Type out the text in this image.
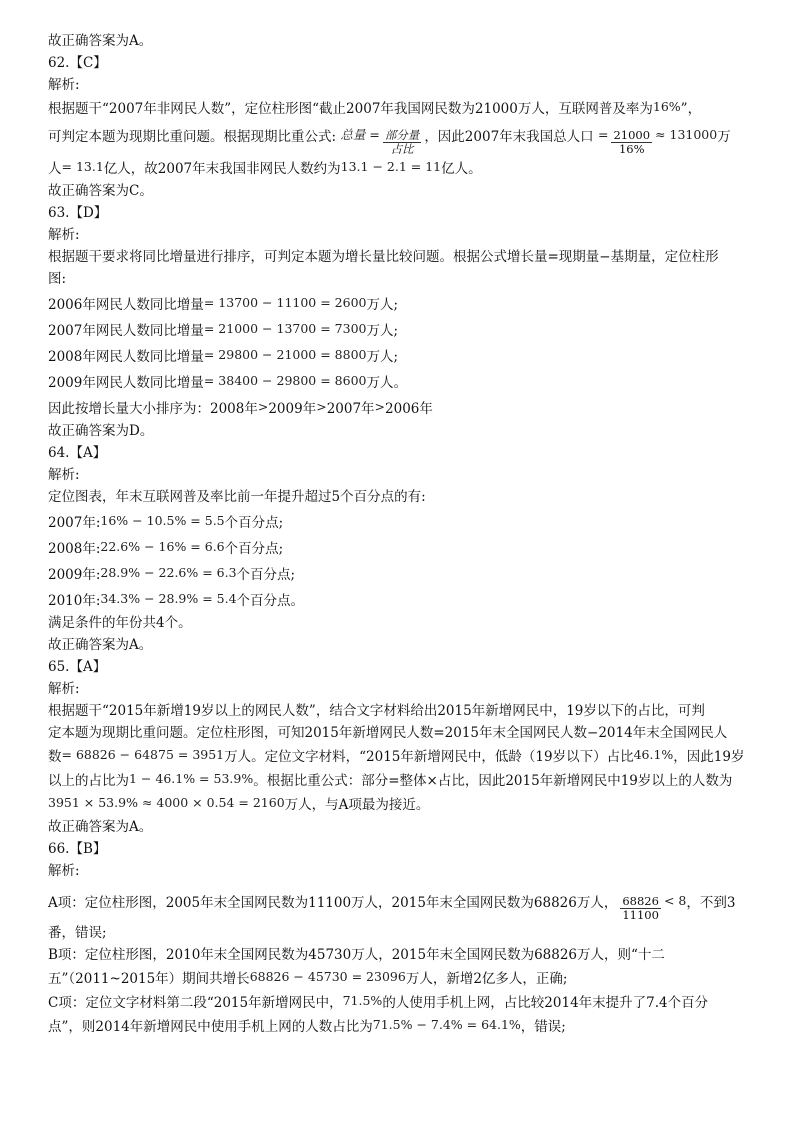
故正确答案为A。
62.【C】
解析:
根据题干“2007年非网民人数”，定位柱形图“截止2007年我国网民数为21000万人，互联网普及率为16%”，
可判定本题为现期比重问题。根据现期比重公式: 总量 = $\frac{\text{部分量}}{\text{占比}}$ ，因此2007年末我国总人口 = $\frac{21000}{16\%} \approx 131000$万
人= 13.1亿人，故2007年末我国非网民人数约为13.1 − 2.1 = 11亿人。
故正确答案为C。
63.【D】
解析:
根据题干要求将同比增量进行排序，可判定本题为增长量比较问题。根据公式增长量=现期量−基期量，定位柱形
图:
2006年网民人数同比增量= 13700 − 11100 = 2600万人;
2007年网民人数同比增量= 21000 − 13700 = 7300万人;
2008年网民人数同比增量= 29800 − 21000 = 8800万人;
2009年网民人数同比增量= 38400 − 29800 = 8600万人。
因此按增长量大小排序为：2008年>2009年>2007年>2006年
故正确答案为D。
64.【A】
解析:
定位图表，年末互联网普及率比前一年提升超过5个百分点的有:
2007年:16% − 10.5% = 5.5个百分点;
2008年:22.6% − 16% = 6.6个百分点;
2009年:28.9% − 22.6% = 6.3个百分点;
2010年:34.3% − 28.9% = 5.4个百分点。
满足条件的年份共4个。
故正确答案为A。
65.【A】
解析:
根据题干“2015年新增19岁以上的网民人数”，结合文字材料给出2015年新增网民中，19岁以下的占比，可判
定本题为现期比重问题。定位柱形图，可知2015年新增网民人数=2015年末全国网民人数−2014年末全国网民人
数= 68826 − 64875 = 3951万人。定位文字材料，“2015年新增网民中，低龄（19岁以下）占比46.1%，因此19岁
以上的占比为1 − 46.1% = 53.9%。根据比重公式：部分=整体×占比，因此2015年新增网民中19岁以上的人数为
3951 × 53.9% ≈ 4000 × 0.54 = 2160万人，与A项最为接近。
故正确答案为A。
66.【B】
解析:
A项：定位柱形图，2005年末全国网民数为11100万人，2015年末全国网民数为68826万人， $\frac{68826}{11100} < 8$，不到3
番，错误;
B项：定位柱形图，2010年末全国网民数为45730万人，2015年末全国网民数为68826万人，则“十二
五”（2011~2015年）期间共增长68826 − 45730 = 23096万人，新增2亿多人，正确;
C项：定位文字材料第二段“2015年新增网民中，71.5%的人使用手机上网，占比较2014年末提升了7.4个百分
点”，则2014年新增网民中使用手机上网的人数占比为71.5% − 7.4% = 64.1%，错误;
